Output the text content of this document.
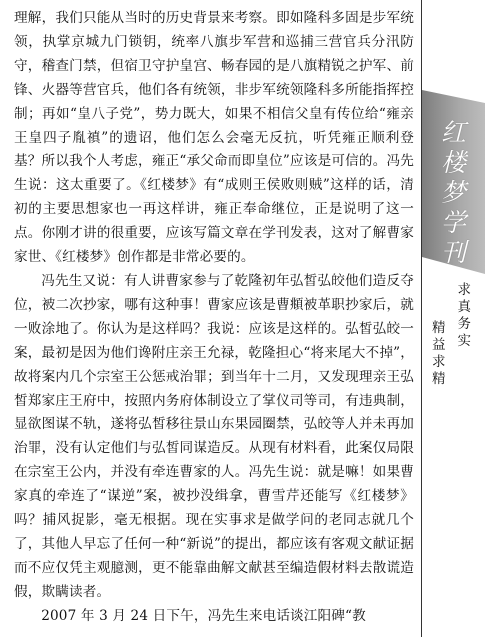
理解，我们只能从当时的历史背景来考察。即如隆科多固是步军统领，执掌京城九门锁钥，统率八旗步军营和巡捕三营官兵分汛防守，稽查门禁，但宿卫守护皇宫、畅春园的是八旗精锐之护军、前锋、火器等营官兵，他们各有统领，非步军统领隆科多所能指挥控制；再如“皇八子党”，势力既大，如果不相信父皇有传位给“雍亲王皇四子胤禛”的遗诏，他们怎么会毫无反抗，听凭雍正顺利登基？所以我个人考虑，雍正“承父命而即皇位”应该是可信的。冯先生说：这太重要了。《红楼梦》有“成则王侯败则贼”这样的话，清初的主要思想家也一再这样讲，雍正奉命继位，正是说明了这一点。你刚才讲的很重要，应该写篇文章在学刊发表，这对了解曹家家世、《红楼梦》创作都是非常必要的。

冯先生又说：有人讲曹家参与了乾隆初年弘皙弘皎他们造反夺位，被二次抄家，哪有这种事！曹家应该是曹頫被革职抄家后，就一败涂地了。你认为是这样吗？我说：应该是这样的。弘皙弘皎一案，最初是因为他们谗附庄亲王允禄，乾隆担心“将来尾大不掉”，故将案内几个宗室王公惩戒治罪；到当年十二月，又发现理亲王弘皙郑家庄王府中，按照内务府体制设立了掌仪司等司，有违典制，显欲图谋不轨，遂将弘皙移往景山东果园圈禁，弘皎等人并未再加治罪，没有认定他们与弘皙同谋造反。从现有材料看，此案仅局限在宗室王公内，并没有牵连曹家的人。冯先生说：就是嘛！如果曹家真的牵连了“谋逆”案，被抄没缉拿，曹雪芹还能写《红楼梦》吗？捕风捉影，毫无根据。现在实事求是做学问的老同志就几个了，其他人早忘了任何一种“新说”的提出，都应该有客观文献证据而不应仅凭主观臆测，更不能靠曲解文献甚至编造假材料去散谎造假，欺瞒读者。

2007 年 3 月 24 日下午，冯先生来电话谈江阳碑“教

红
楼
梦
学
刊
求
真
务
实
精
益
求
精
